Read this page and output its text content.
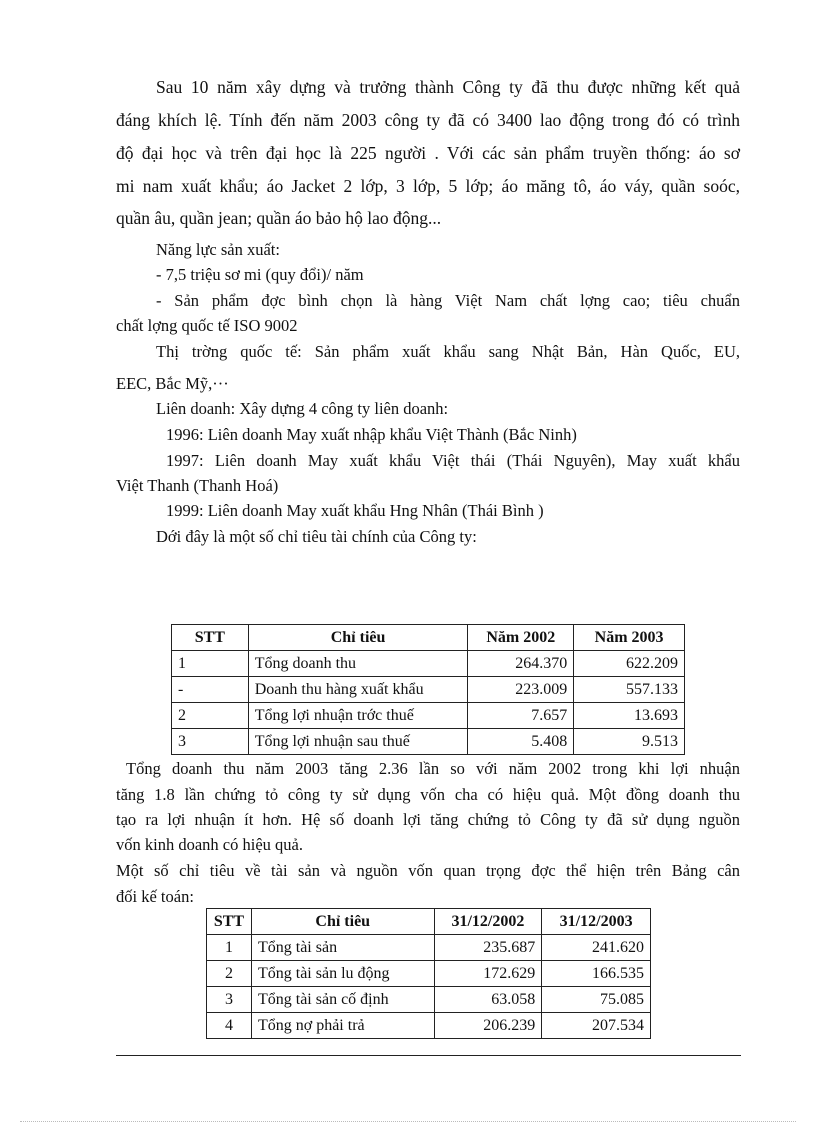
Sau 10 năm xây dựng và trưởng thành Công ty đã thu được những kết quả
đáng khích lệ. Tính đến năm 2003 công ty đã có 3400 lao động trong đó có trình
độ đại học và trên đại học là 225 người . Với các sản phẩm truyền thống: áo sơ
mi nam xuất khẩu; áo Jacket 2 lớp, 3 lớp, 5 lớp; áo măng tô, áo váy, quần soóc,
quần âu, quần jean; quần áo bảo hộ lao động...
Năng lực sản xuất:
- 7,5 triệu sơ mi (quy đổi)/ năm
- Sản phẩm đợc bình chọn là hàng Việt Nam chất lợng cao; tiêu chuẩn
chất lợng quốc tế ISO 9002
Thị trờng quốc tế: Sản phẩm xuất khẩu sang Nhật Bản, Hàn Quốc, EU,
EEC, Bắc Mỹ,···
Liên doanh: Xây dựng 4 công ty liên doanh:
1996: Liên doanh May xuất nhập khẩu Việt Thành (Bắc Ninh)
1997: Liên doanh May xuất khẩu Việt thái (Thái Nguyên), May xuất khẩu
Việt Thanh (Thanh Hoá)
1999: Liên doanh May xuất khẩu Hng Nhân (Thái Bình )
Dới đây là một số chỉ tiêu tài chính của Công ty:
STT	Chỉ tiêu	Năm 2002	Năm 2003
1	Tổng doanh thu	264.370	622.209
-	Doanh thu hàng xuất khẩu	223.009	557.133
2	Tổng lợi nhuận trớc thuế	7.657	13.693
3	Tổng lợi nhuận sau thuế	5.408	9.513
Tổng doanh thu năm 2003 tăng 2.36 lần so với năm 2002 trong khi lợi nhuận
tăng 1.8 lần chứng tỏ công ty sử dụng vốn cha có hiệu quả. Một đồng doanh thu
tạo ra lợi nhuận ít hơn. Hệ số doanh lợi tăng chứng tỏ Công ty đã sử dụng nguồn
vốn kinh doanh có hiệu quả.
Một số chỉ tiêu về tài sản và nguồn vốn quan trọng đợc thể hiện trên Bảng cân
đối kế toán:
STT	Chỉ tiêu	31/12/2002	31/12/2003
1	Tổng tài sản	235.687	241.620
2	Tổng tài sản lu động	172.629	166.535
3	Tổng tài sản cố định	63.058	75.085
4	Tổng nợ phải trả	206.239	207.534
